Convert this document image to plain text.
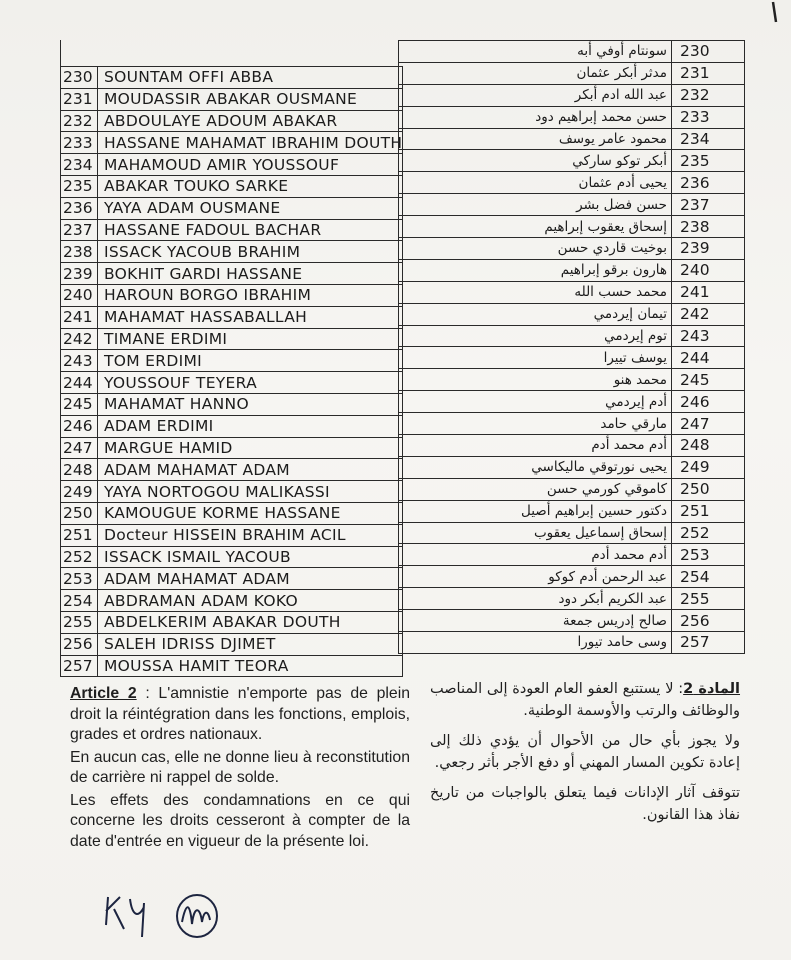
230	SOUNTAM OFFI ABBA
231	MOUDASSIR ABAKAR OUSMANE
232	ABDOULAYE ADOUM ABAKAR
233	HASSANE MAHAMAT IBRAHIM DOUTH
234	MAHAMOUD AMIR YOUSSOUF
235	ABAKAR TOUKO SARKE
236	YAYA ADAM OUSMANE
237	HASSANE FADOUL BACHAR
238	ISSACK YACOUB BRAHIM
239	BOKHIT GARDI HASSANE
240	HAROUN BORGO IBRAHIM
241	MAHAMAT HASSABALLAH
242	TIMANE ERDIMI
243	TOM ERDIMI
244	YOUSSOUF TEYERA
245	MAHAMAT HANNO
246	ADAM ERDIMI
247	MARGUE HAMID
248	ADAM MAHAMAT ADAM
249	YAYA NORTOGOU MALIKASSI
250	KAMOUGUE KORME HASSANE
251	Docteur HISSEIN BRAHIM ACIL
252	ISSACK ISMAIL YACOUB
253	ADAM MAHAMAT ADAM
254	ABDRAMAN ADAM KOKO
255	ABDELKERIM ABAKAR DOUTH
256	SALEH IDRISS DJIMET
257	MOUSSA HAMIT TEORA
سونتام أوفي أبه	230
مدثر أبكر عثمان	231
عبد الله ادم أبكر	232
حسن محمد إبراهيم دود	233
محمود عامر يوسف	234
أبكر توكو ساركي	235
يحيى أدم عثمان	236
حسن فضل بشر	237
إسحاق يعقوب إبراهيم	238
بوخيت قاردي حسن	239
هارون برقو إبراهيم	240
محمد حسب الله	241
تيمان إيردمي	242
توم إيردمي	243
يوسف تييرا	244
محمد هنو	245
أدم إيردمي	246
مارقي حامد	247
أدم محمد أدم	248
يحيى نورتوقي ماليكاسي	249
كاموقي كورمي حسن	250
دكتور حسين إبراهيم أصيل	251
إسحاق إسماعيل يعقوب	252
أدم محمد أدم	253
عبد الرحمن أدم كوكو	254
عبد الكريم أبكر دود	255
صالح إدريس جمعة	256
وسى حامد تيورا	257

Article 2 : L'amnistie n'emporte pas de plein droit la réintégration dans les fonctions, emplois, grades et ordres nationaux.

En aucun cas, elle ne donne lieu à reconstitution de carrière ni rappel de solde.

Les effets des condamnations en ce qui concerne les droits cesseront à compter de la date d'entrée en vigueur de la présente loi.

المادة 2: لا يستتبع العفو العام العودة إلى المناصب والوظائف والرتب والأوسمة الوطنية.

ولا يجوز بأي حال من الأحوال أن يؤدي ذلك إلى إعادة تكوين المسار المهني أو دفع الأجر بأثر رجعي.

تتوقف آثار الإدانات فيما يتعلق بالواجبات من تاريخ نفاذ هذا القانون.
